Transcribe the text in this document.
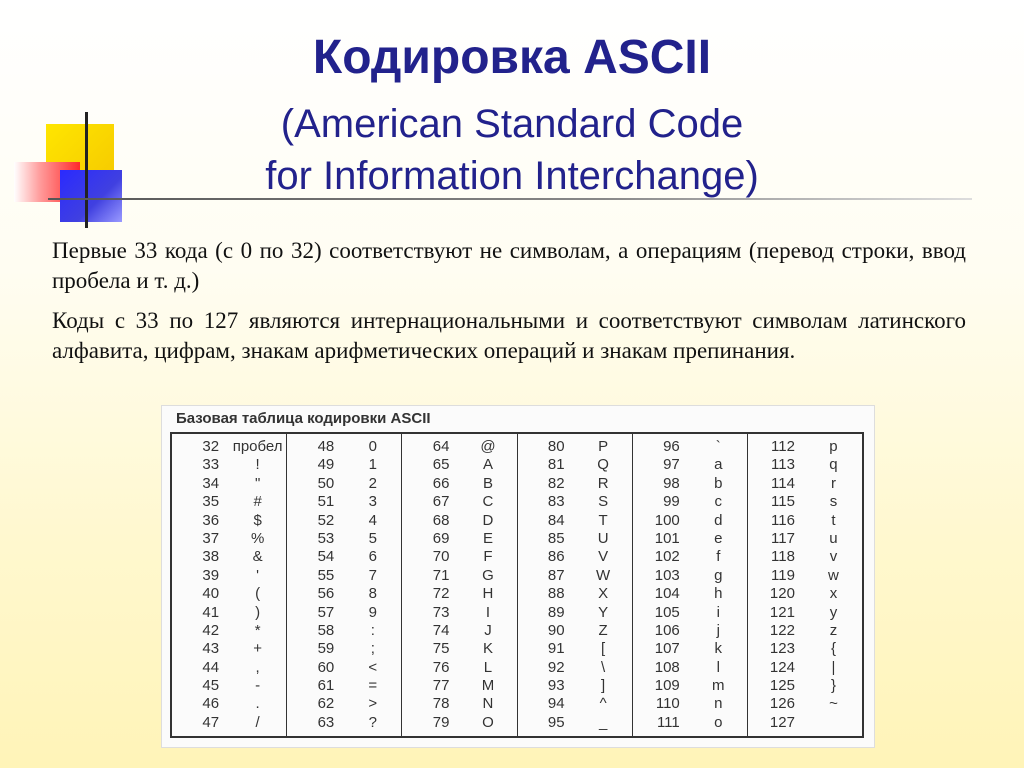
Кодировка ASCII
(American Standard Code
for Information Interchange)

Первые 33 кода (с 0 по 32) соответствуют не символам, а операциям (перевод строки, ввод пробела и т. д.)

Коды с 33 по 127 являются интернациональными и соответствуют символам латинского алфавита, цифрам, знакам арифметических операций и знакам препинания.

Базовая таблица кодировки ASCII
32
33
34
35
36
37
38
39
40
41
42
43
44
45
46
47
пробел
!
"
#
$
%
&
'
(
)
*
+
,
-
.
/
48
49
50
51
52
53
54
55
56
57
58
59
60
61
62
63
0
1
2
3
4
5
6
7
8
9
:
;
<
=
>
?
64
65
66
67
68
69
70
71
72
73
74
75
76
77
78
79
@
A
B
C
D
E
F
G
H
I
J
K
L
M
N
O
80
81
82
83
84
85
86
87
88
89
90
91
92
93
94
95
P
Q
R
S
T
U
V
W
X
Y
Z
[
\
]
^
_
96
97
98
99
100
101
102
103
104
105
106
107
108
109
110
111
`
a
b
c
d
e
f
g
h
i
j
k
l
m
n
o
112
113
114
115
116
117
118
119
120
121
122
123
124
125
126
127
p
q
r
s
t
u
v
w
x
y
z
{
|
}
~
